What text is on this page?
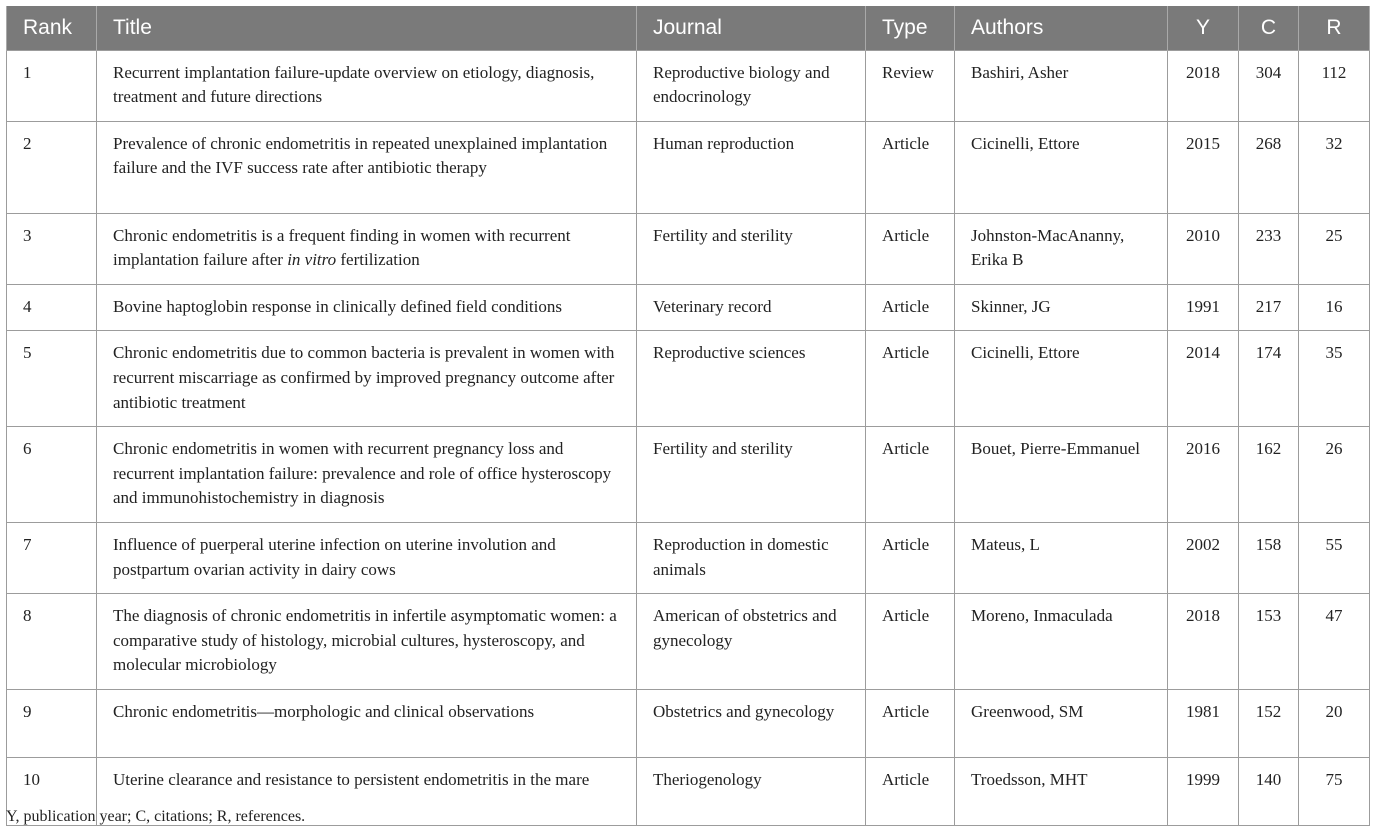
Rank	Title	Journal	Type	Authors	Y	C	R
1	Recurrent implantation failure-update overview on etiology, diagnosis, treatment and future directions	Reproductive biology and endocrinology	Review	Bashiri, Asher	2018	304	112
2	Prevalence of chronic endometritis in repeated unexplained implantation failure and the IVF success rate after antibiotic therapy	Human reproduction	Article	Cicinelli, Ettore	2015	268	32
3	Chronic endometritis is a frequent finding in women with recurrent implantation failure after in vitro fertilization	Fertility and sterility	Article	Johnston-MacAnanny, Erika B	2010	233	25
4	Bovine haptoglobin response in clinically defined field conditions	Veterinary record	Article	Skinner, JG	1991	217	16
5	Chronic endometritis due to common bacteria is prevalent in women with recurrent miscarriage as confirmed by improved pregnancy outcome after antibiotic treatment	Reproductive sciences	Article	Cicinelli, Ettore	2014	174	35
6	Chronic endometritis in women with recurrent pregnancy loss and recurrent implantation failure: prevalence and role of office hysteroscopy and immunohistochemistry in diagnosis	Fertility and sterility	Article	Bouet, Pierre-Emmanuel	2016	162	26
7	Influence of puerperal uterine infection on uterine involution and postpartum ovarian activity in dairy cows	Reproduction in domestic animals	Article	Mateus, L	2002	158	55
8	The diagnosis of chronic endometritis in infertile asymptomatic women: a comparative study of histology, microbial cultures, hysteroscopy, and molecular microbiology	American of obstetrics and gynecology	Article	Moreno, Inmaculada	2018	153	47
9	Chronic endometritis—morphologic and clinical observations	Obstetrics and gynecology	Article	Greenwood, SM	1981	152	20
10	Uterine clearance and resistance to persistent endometritis in the mare	Theriogenology	Article	Troedsson, MHT	1999	140	75
Y, publication year; C, citations; R, references.
